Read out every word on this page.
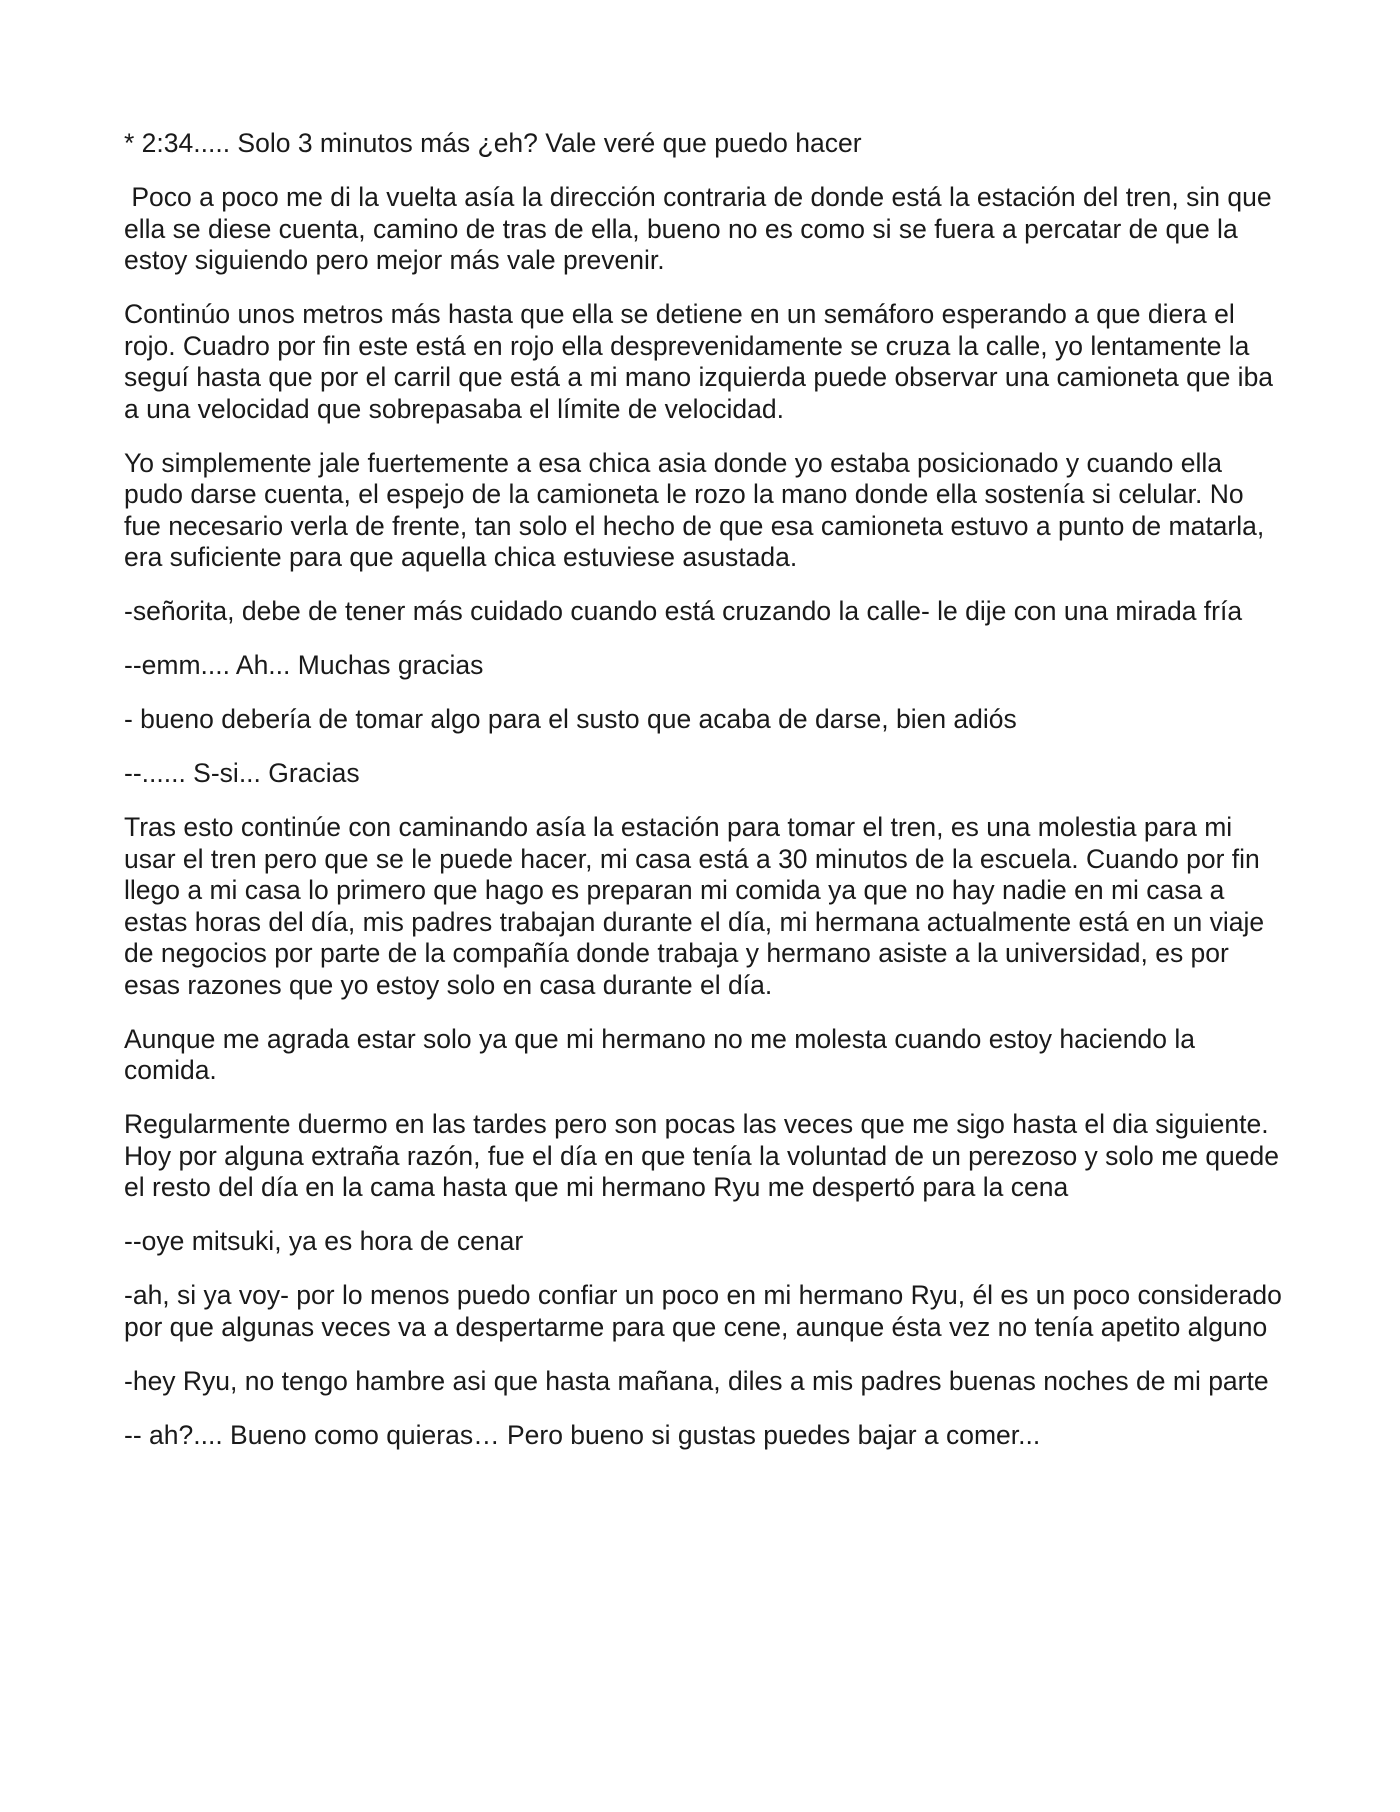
* 2:34..... Solo 3 minutos más ¿eh? Vale veré que puedo hacer

Poco a poco me di la vuelta asía la dirección contraria de donde está la estación del tren, sin que ella se diese cuenta, camino de tras de ella, bueno no es como si se fuera a percatar de que la estoy siguiendo pero mejor más vale prevenir.

Continúo unos metros más hasta que ella se detiene en un semáforo esperando a que diera el rojo. Cuadro por fin este está en rojo ella desprevenidamente se cruza la calle, yo lentamente la seguí hasta que por el carril que está a mi mano izquierda puede observar una camioneta que iba a una velocidad que sobrepasaba el límite de velocidad.

Yo simplemente jale fuertemente a esa chica asia donde yo estaba posicionado y cuando ella pudo darse cuenta, el espejo de la camioneta le rozo la mano donde ella sostenía si celular. No fue necesario verla de frente, tan solo el hecho de que esa camioneta estuvo a punto de matarla, era suficiente para que aquella chica estuviese asustada.

-señorita, debe de tener más cuidado cuando está cruzando la calle- le dije con una mirada fría

--emm.... Ah... Muchas gracias

- bueno debería de tomar algo para el susto que acaba de darse, bien adiós

--...... S-si... Gracias

Tras esto continúe con caminando asía la estación para tomar el tren, es una molestia para mi usar el tren pero que se le puede hacer, mi casa está a 30 minutos de la escuela. Cuando por fin llego a mi casa lo primero que hago es preparan mi comida ya que no hay nadie en mi casa a estas horas del día, mis padres trabajan durante el día, mi hermana actualmente está en un viaje de negocios por parte de la compañía donde trabaja y hermano asiste a la universidad, es por esas razones que yo estoy solo en casa durante el día.

Aunque me agrada estar solo ya que mi hermano no me molesta cuando estoy haciendo la comida.

Regularmente duermo en las tardes pero son pocas las veces que me sigo hasta el dia siguiente. Hoy por alguna extraña razón, fue el día en que tenía la voluntad de un perezoso y solo me quede el resto del día en la cama hasta que mi hermano Ryu me despertó para la cena

--oye mitsuki, ya es hora de cenar

-ah, si ya voy- por lo menos puedo confiar un poco en mi hermano Ryu, él es un poco considerado por que algunas veces va a despertarme para que cene, aunque ésta vez no tenía apetito alguno

-hey Ryu, no tengo hambre asi que hasta mañana, diles a mis padres buenas noches de mi parte

-- ah?.... Bueno como quieras… Pero bueno si gustas puedes bajar a comer...
